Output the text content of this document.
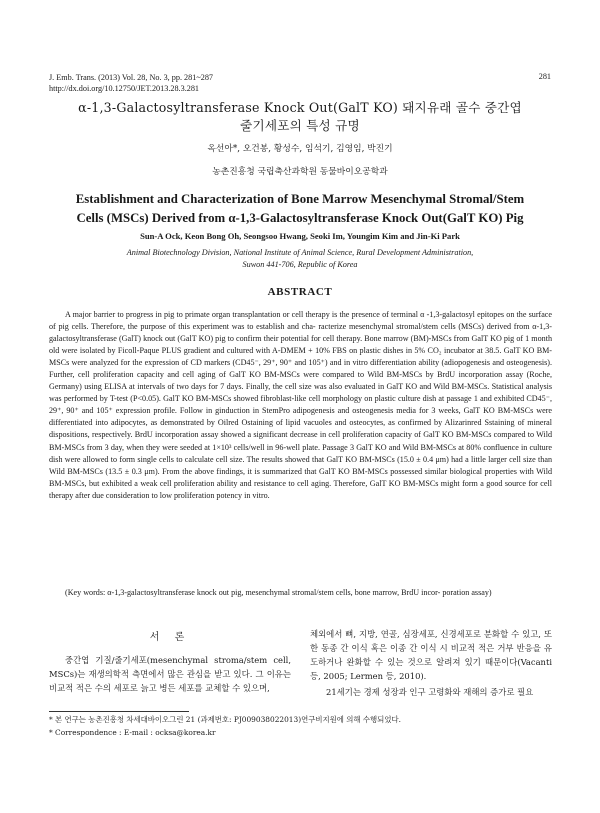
J. Emb. Trans. (2013) Vol. 28, No. 3, pp. 281~287
http://dx.doi.org/10.12750/JET.2013.28.3.281
281
α-1,3-Galactosyltransferase Knock Out(GalT KO) 돼지유래 골수 중간엽
줄기세포의 특성 규명
옥선아*, 오건봉, 황성수, 임석기, 김영임, 박진기
농촌진흥청 국립축산과학원 동물바이오공학과
Establishment and Characterization of Bone Marrow Mesenchymal Stromal/Stem
Cells (MSCs) Derived from α-1,3-Galactosyltransferase Knock Out(GalT KO) Pig
Sun-A Ock, Keon Bong Oh, Seongsoo Hwang, Seoki Im, Youngim Kim and Jin-Ki Park
Animal Biotechnology Division, National Institute of Animal Science, Rural Development Administration,
Suwon 441-706, Republic of Korea
ABSTRACT

A major barrier to progress in pig to primate organ transplantation or cell therapy is the presence of terminal α -1,3-galactosyl epitopes on the surface of pig cells. Therefore, the purpose of this experiment was to establish and cha- racterize mesenchymal stromal/stem cells (MSCs) derived from α-1,3-galactosyltransferase (GalT) knock out (GalT KO) pig to confirm their potential for cell therapy. Bone marrow (BM)-MSCs from GalT KO pig of 1 month old were isolated by Ficoll-Paque PLUS gradient and cultured with A-DMEM + 10% FBS on plastic dishes in 5% CO₂ incubator at 38.5. GalT KO BM-MSCs were analyzed for the expression of CD markers (CD45⁻, 29⁺, 90⁺ and 105⁺) and in vitro differentiation ability (adiopogenesis and osteogenesis). Further, cell proliferation capacity and cell aging of GalT KO BM-MSCs were compared to Wild BM-MSCs by BrdU incorporation assay (Roche, Germany) using ELISA at intervals of two days for 7 days. Finally, the cell size was also evaluated in GalT KO and Wild BM-MSCs. Statistical analysis was performed by T-test (P<0.05). GalT KO BM-MSCs showed fibroblast-like cell morphology on plastic culture dish at passage 1 and exhibited CD45⁻, 29⁺, 90⁺ and 105⁺ expression profile. Follow in ginduction in StemPro adipogenesis and osteogenesis media for 3 weeks, GalT KO BM-MSCs were differentiated into adipocytes, as demonstrated by Oilred Ostaining of lipid vacuoles and osteocytes, as confirmed by Alizarinred Sstaining of mineral dispositions, respectively. BrdU incorporation assay showed a significant decrease in cell proliferation capacity of GalT KO BM-MSCs compared to Wild BM-MSCs from 3 day, when they were seeded at 1×10³ cells/well in 96-well plate. Passage 3 GalT KO and Wild BM-MSCs at 80% confluence in culture dish were allowed to form single cells to calculate cell size. The results showed that GalT KO BM-MSCs (15.0 ± 0.4 μm) had a little larger cell size than Wild BM-MSCs (13.5 ± 0.3 μm). From the above findings, it is summarized that GalT KO BM-MSCs possessed similar biological properties with Wild BM-MSCs, but exhibited a weak cell proliferation ability and resistance to cell aging. Therefore, GalT KO BM-MSCs might form a good source for cell therapy after due consideration to low proliferation potency in vitro.

(Key words: α-1,3-galactosyltransferase knock out pig, mesenchymal stromal/stem cells, bone marrow, BrdU incor- poration assay)
서 론

중간엽 기질/줄기세포(mesenchymal stroma/stem cell, MSCs)는 재생의학적 측면에서 많은 관심을 받고 있다. 그 이유는 비교적 적은 수의 세포로 늙고 병든 세포를 교체할 수 있으며,

체외에서 뼈, 지방, 연골, 심장세포, 신경세포로 분화할 수 있고, 또한 동종 간 이식 혹은 이종 간 이식 시 비교적 적은 거부 반응을 유도하거나 완화할 수 있는 것으로 알려져 있기 때문이다(Vacanti 등, 2005; Lermen 등, 2010).

21세기는 경제 성장과 인구 고령화와 재해의 증가로 필요

* 본 연구는 농촌진흥청 차세대바이오그린 21 (과제번호: PJ009038022013)연구비지원에 의해 수행되었다.
* Correspondence : E-mail : ocksa@korea.kr
